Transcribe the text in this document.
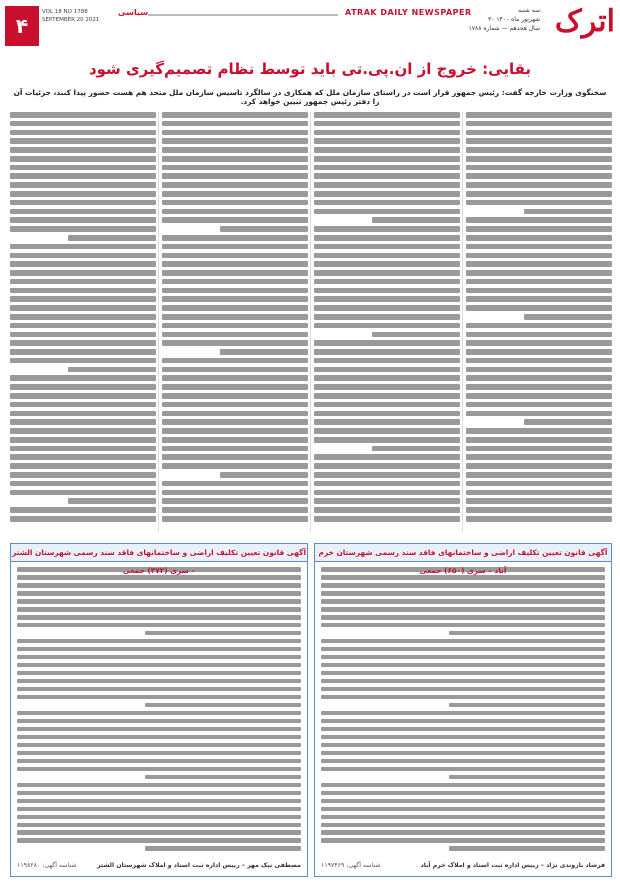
۴
VOL 18 NO 1788
SEPTEMBER 20 2021
سیاسی	ATRAK DAILY NEWSPAPER	سه شنبه
۳۰ شهریور ماه ۱۴۰۰
سال هجدهم — شماره ۱۷۸۸ اترک
بقایی: خروج از ان.پی.تی باید توسط نظام تصمیم‌گیری شود
سخنگوی وزارت خارجه گفت: رئیس جمهور قرار است در راستای سازمان ملل که همکاری در سالگرد تاسیس سازمان ملل متحد هم هست حضور پیدا کنند، جزئیات آن را دفتر رئیس جمهور تبیین خواهد کرد.
آگهی قانون تعیین تکلیف اراضی و ساختمانهای فاقد سند رسمی شهرستان خرم آباد – سری (۶۵۰) جمعی
فرشاد بازوندی نژاد – رییس اداره ثبت اسناد و املاک خرم آباد
شناسه آگهی: ۱۱۹۷۴۶۹
آگهی قانون تعیین تکلیف اراضی و ساختمانهای فاقد سند رسمی شهرستان الشتر – سری (۳۷۲) جمعی
مصطفی نیک مهر – رییس اداره ثبت اسناد و املاک شهرستان الشتر
شناسه آگهی: ۱۱۹۸۲۸۰
